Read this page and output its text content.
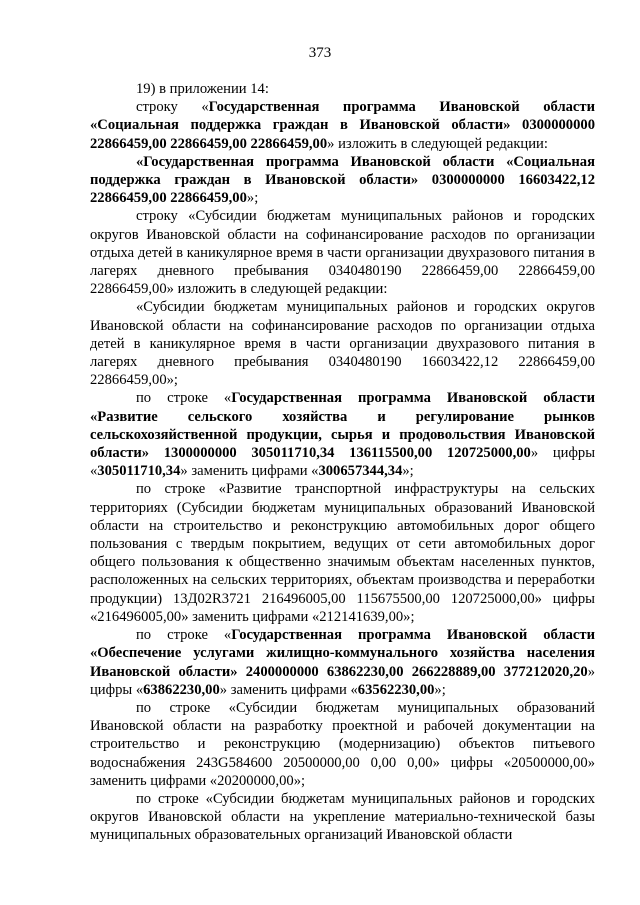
373

19) в приложении 14:

строку «Государственная программа Ивановской области «Социальная поддержка граждан в Ивановской области» 0300000000 22866459,00 22866459,00 22866459,00» изложить в следующей редакции:

«Государственная программа Ивановской области «Социальная поддержка граждан в Ивановской области» 0300000000 16603422,12 22866459,00 22866459,00»;

строку «Субсидии бюджетам муниципальных районов и городских округов Ивановской области на софинансирование расходов по организации отдыха детей в каникулярное время в части организации двухразового питания в лагерях дневного пребывания 0340480190 22866459,00 22866459,00 22866459,00» изложить в следующей редакции:

«Субсидии бюджетам муниципальных районов и городских округов Ивановской области на софинансирование расходов по организации отдыха детей в каникулярное время в части организации двухразового питания в лагерях дневного пребывания 0340480190 16603422,12 22866459,00 22866459,00»;

по строке «Государственная программа Ивановской области «Развитие сельского хозяйства и регулирование рынков сельскохозяйственной продукции, сырья и продовольствия Ивановской области» 1300000000 305011710,34 136115500,00 120725000,00» цифры «305011710,34» заменить цифрами «300657344,34»;

по строке «Развитие транспортной инфраструктуры на сельских территориях (Субсидии бюджетам муниципальных образований Ивановской области на строительство и реконструкцию автомобильных дорог общего пользования с твердым покрытием, ведущих от сети автомобильных дорог общего пользования к общественно значимым объектам населенных пунктов, расположенных на сельских территориях, объектам производства и переработки продукции) 13Д02R3721 216496005,00 115675500,00 120725000,00» цифры «216496005,00» заменить цифрами «212141639,00»;

по строке «Государственная программа Ивановской области «Обеспечение услугами жилищно-коммунального хозяйства населения Ивановской области» 2400000000 63862230,00 266228889,00 377212020,20» цифры «63862230,00» заменить цифрами «63562230,00»;

по строке «Субсидии бюджетам муниципальных образований Ивановской области на разработку проектной и рабочей документации на строительство и реконструкцию (модернизацию) объектов питьевого водоснабжения 243G584600 20500000,00 0,00 0,00» цифры «20500000,00» заменить цифрами «20200000,00»;

по строке «Субсидии бюджетам муниципальных районов и городских округов Ивановской области на укрепление материально-технической базы муниципальных образовательных организаций Ивановской области
